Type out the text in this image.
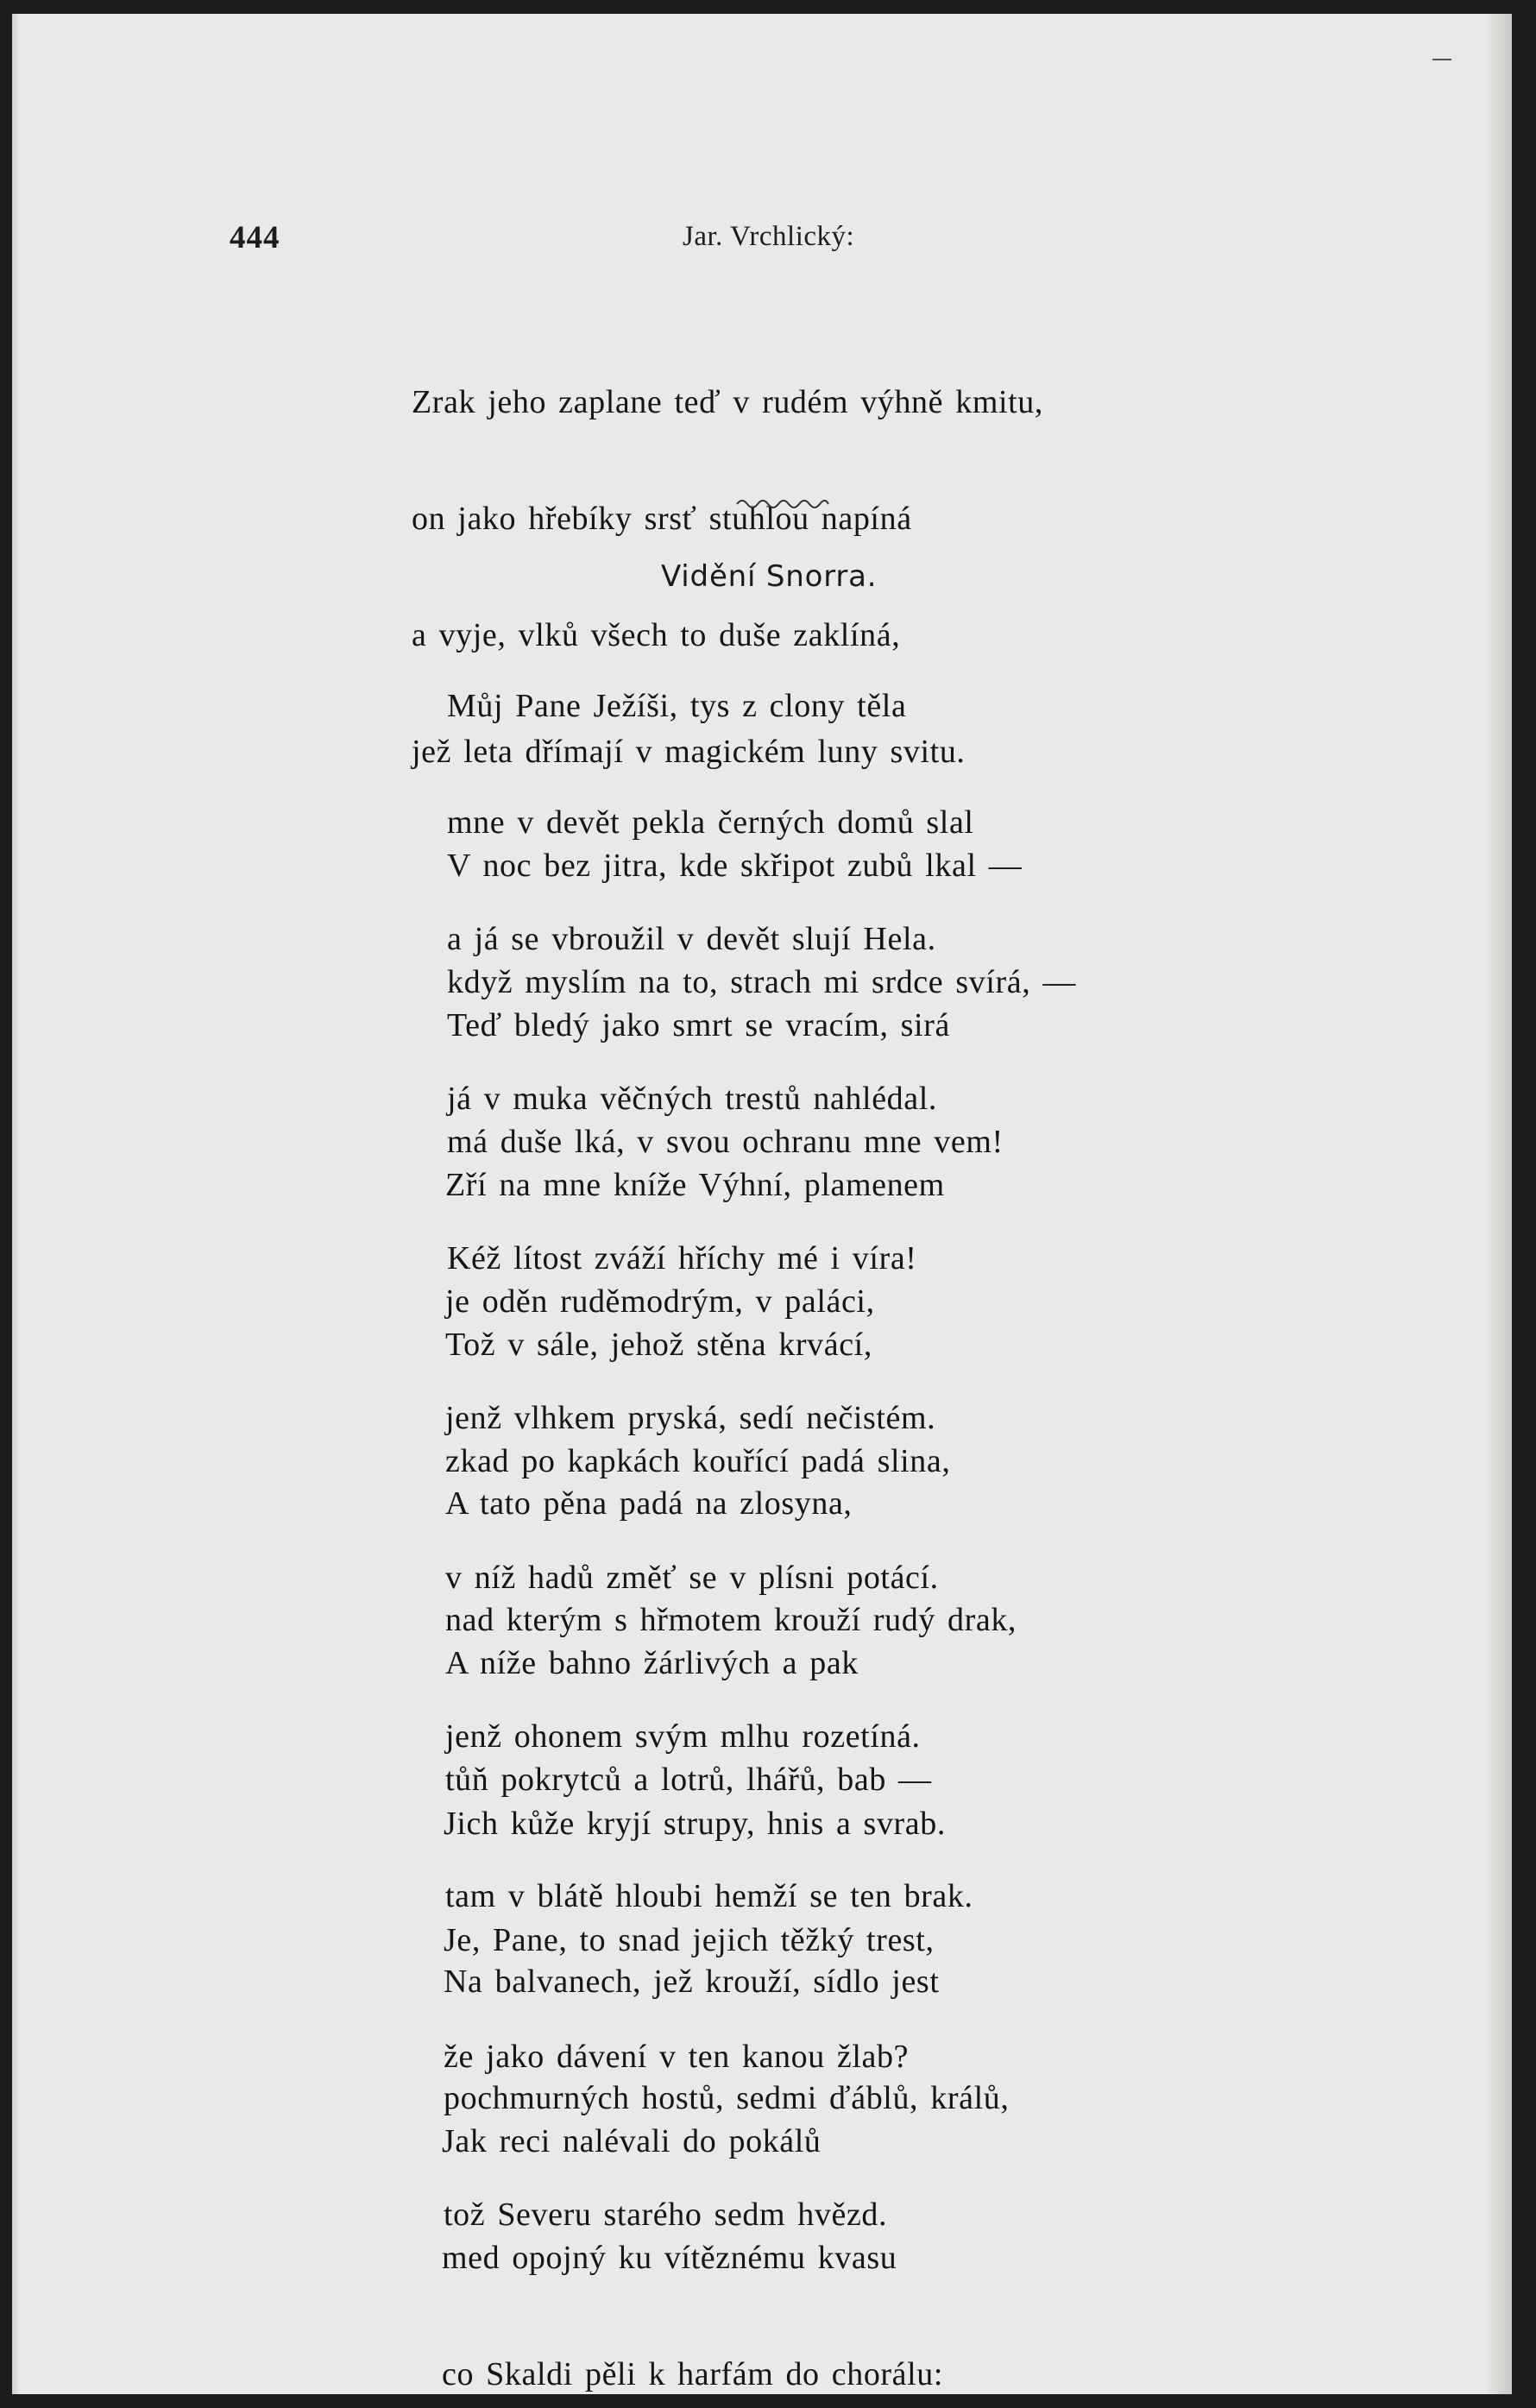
444	Jar. Vrchlický:

Zrak jeho zaplane teď v rudém výhně kmitu,

on jako hřebíky srsť stuhlou napíná

a vyje, vlků všech to duše zaklíná,

jež leta dřímají v magickém luny svitu.

Vidění Snorra.

Můj Pane Ježíši, tys z clony těla

mne v devět pekla černých domů slal

a já se vbroužil v devět slují Hela.

V noc bez jitra, kde skřipot zubů lkal —

když myslím na to, strach mi srdce svírá, —

já v muka věčných trestů nahlédal.

Teď bledý jako smrt se vracím, sirá

má duše lká, v svou ochranu mne vem!

Kéž lítost zváží hříchy mé i víra!

Zří na mne kníže Výhní, plamenem

je oděn ruděmodrým, v paláci,

jenž vlhkem pryská, sedí nečistém.

Tož v sále, jehož stěna krvácí,

zkad po kapkách kouřící padá slina,

v níž hadů změť se v plísni potácí.

A tato pěna padá na zlosyna,

nad kterým s hřmotem krouží rudý drak,

jenž ohonem svým mlhu rozetíná.

A níže bahno žárlivých a pak

tůň pokrytců a lotrů, lhářů, bab —

tam v blátě hloubi hemží se ten brak.

Jich kůže kryjí strupy, hnis a svrab.

Je, Pane, to snad jejich těžký trest,

že jako dávení v ten kanou žlab?

Na balvanech, jež krouží, sídlo jest

pochmurných hostů, sedmi ďáblů, králů,

tož Severu starého sedm hvězd.

Jak reci nalévali do pokálů

med opojný ku vítěznému kvasu

co Skaldi pěli k harfám do chorálu:
